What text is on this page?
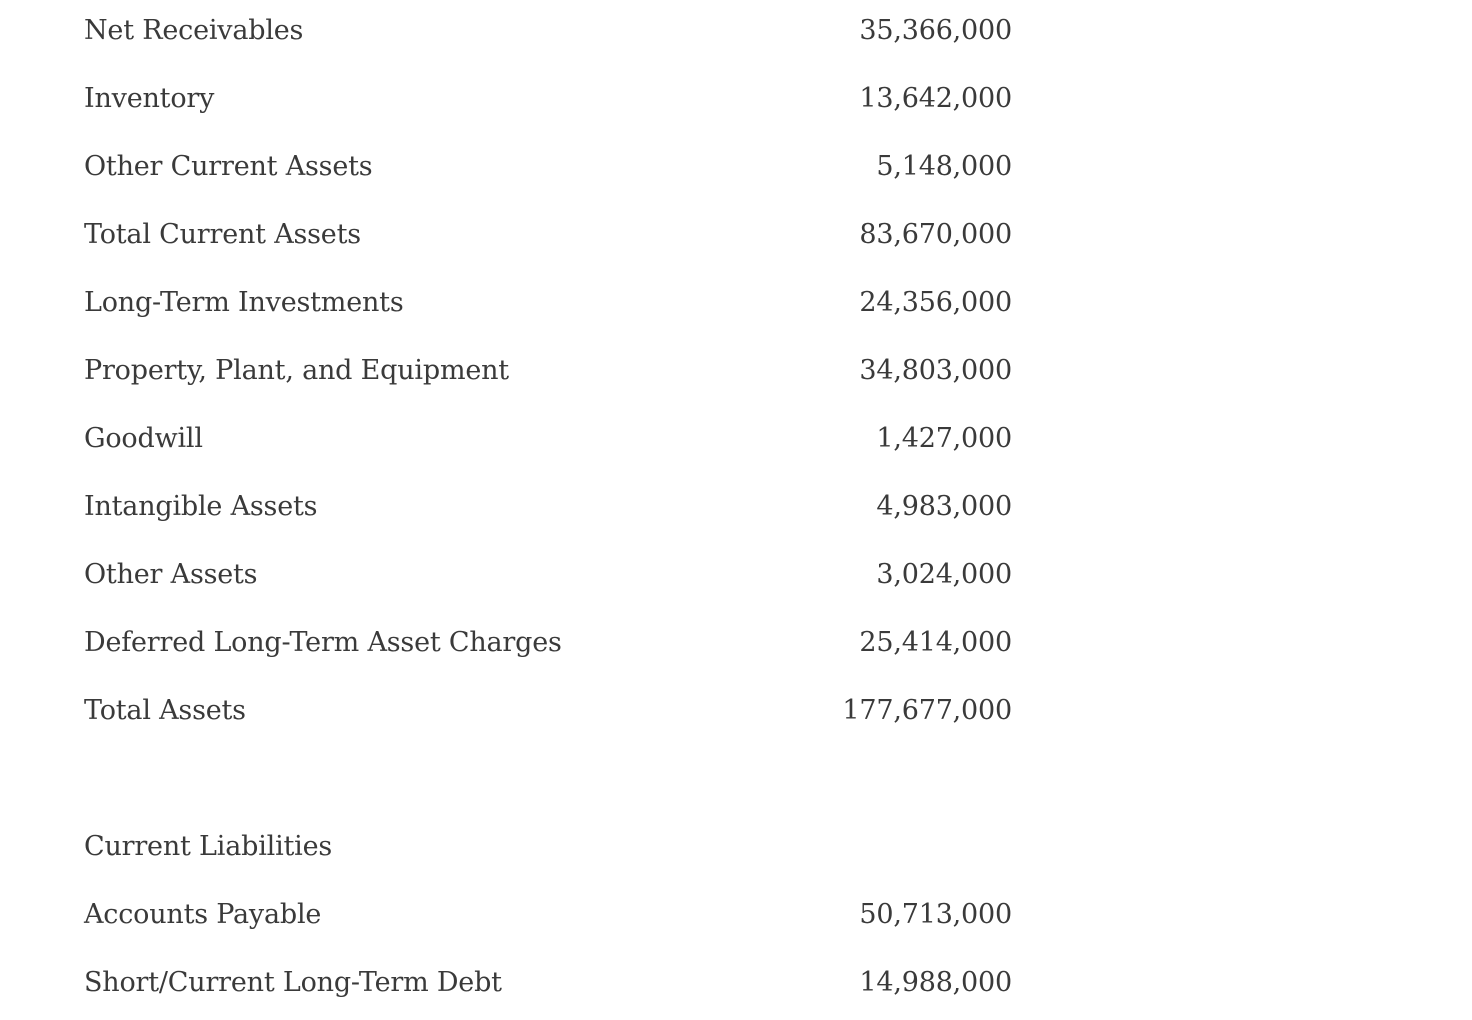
Net Receivables	35,366,000
Inventory	13,642,000
Other Current Assets	5,148,000
Total Current Assets	83,670,000
Long-Term Investments	24,356,000
Property, Plant, and Equipment	34,803,000
Goodwill	1,427,000
Intangible Assets	4,983,000
Other Assets	3,024,000
Deferred Long-Term Asset Charges	25,414,000
Total Assets	177,677,000
Current Liabilities
Accounts Payable	50,713,000
Short/Current Long-Term Debt	14,988,000
